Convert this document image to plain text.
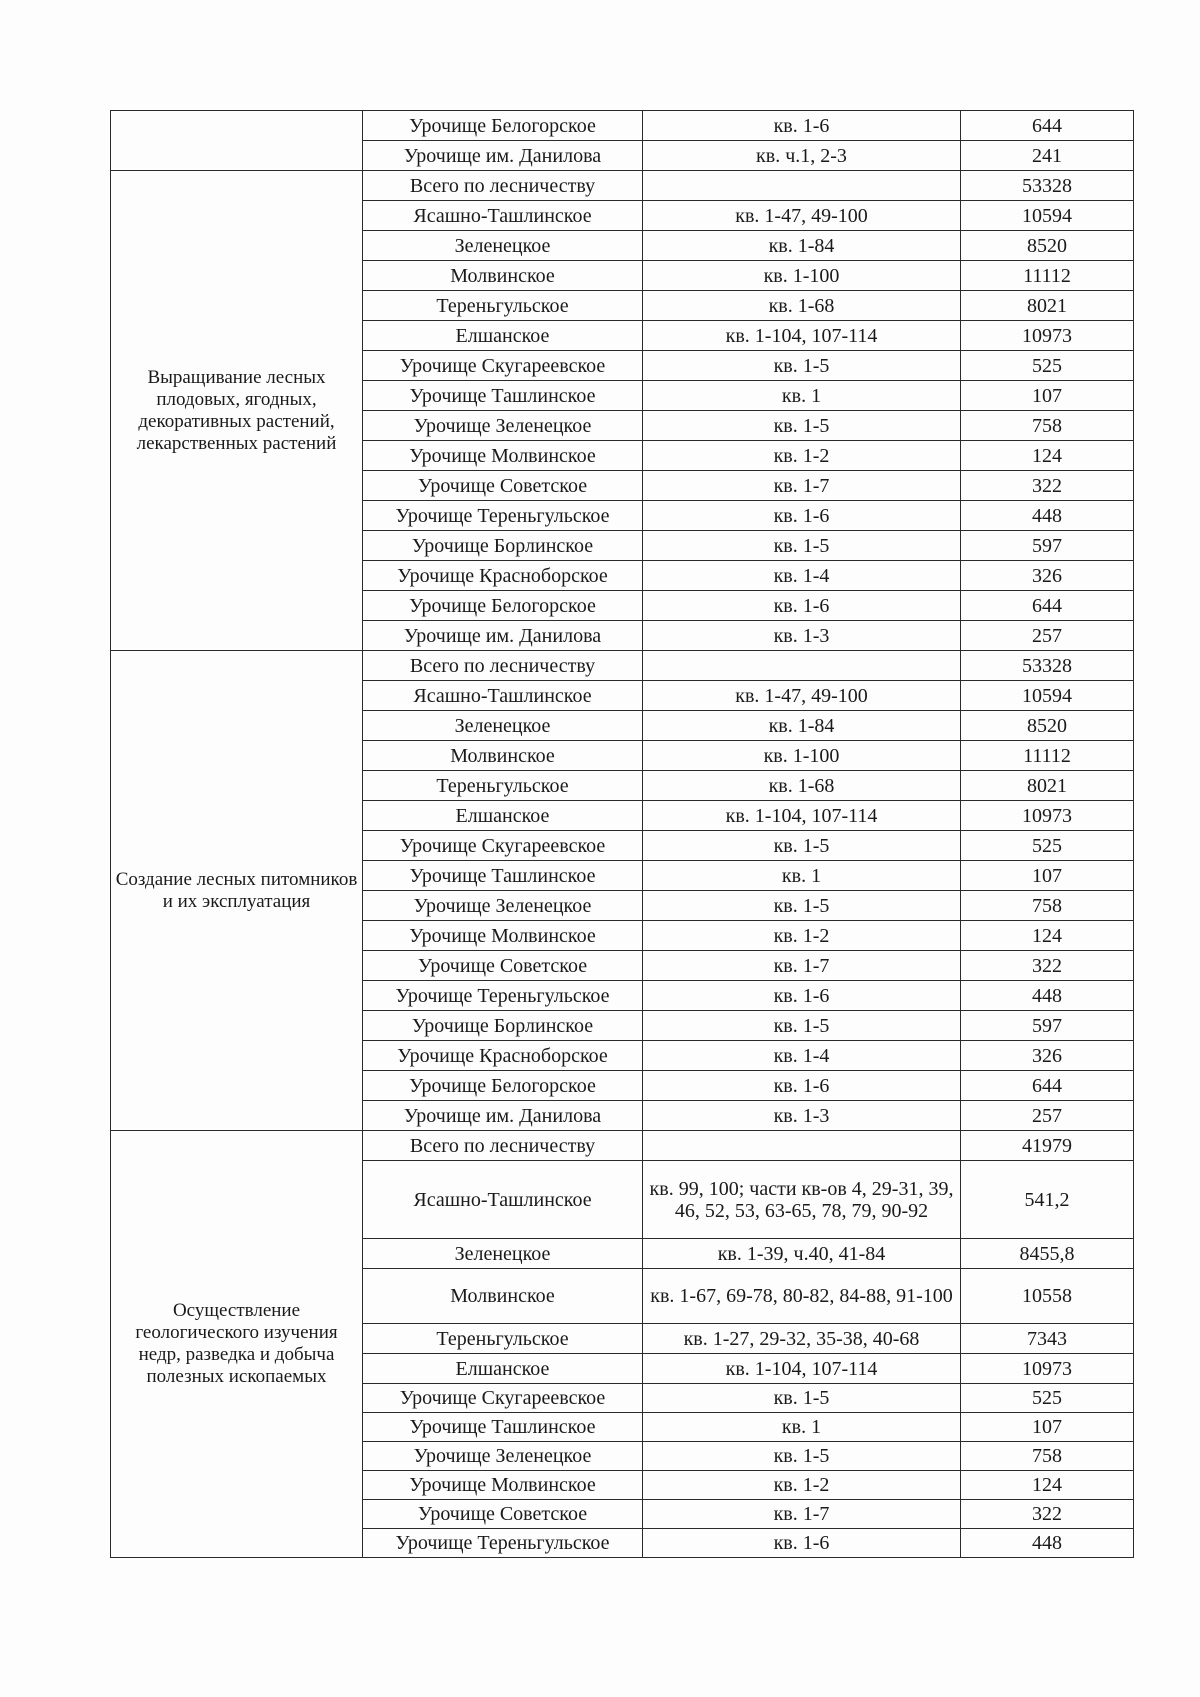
	Урочище Белогорское	кв. 1-6	644
	Урочище им. Данилова	кв. ч.1, 2-3	241
Выращивание лесных плодовых, ягодных, декоративных растений, лекарственных растений	Всего по лесничеству		53328
	Ясашно-Ташлинское	кв. 1-47, 49-100	10594
	Зеленецкое	кв. 1-84	8520
	Молвинское	кв. 1-100	11112
	Тереньгульское	кв. 1-68	8021
	Елшанское	кв. 1-104, 107-114	10973
	Урочище Скугареевское	кв. 1-5	525
	Урочище Ташлинское	кв. 1	107
	Урочище Зеленецкое	кв. 1-5	758
	Урочище Молвинское	кв. 1-2	124
	Урочище Советское	кв. 1-7	322
	Урочище Тереньгульское	кв. 1-6	448
	Урочище Борлинское	кв. 1-5	597
	Урочище Красноборское	кв. 1-4	326
	Урочище Белогорское	кв. 1-6	644
	Урочище им. Данилова	кв. 1-3	257
Создание лесных питомников и их эксплуатация	Всего по лесничеству		53328
	Ясашно-Ташлинское	кв. 1-47, 49-100	10594
	Зеленецкое	кв. 1-84	8520
	Молвинское	кв. 1-100	11112
	Тереньгульское	кв. 1-68	8021
	Елшанское	кв. 1-104, 107-114	10973
	Урочище Скугареевское	кв. 1-5	525
	Урочище Ташлинское	кв. 1	107
	Урочище Зеленецкое	кв. 1-5	758
	Урочище Молвинское	кв. 1-2	124
	Урочище Советское	кв. 1-7	322
	Урочище Тереньгульское	кв. 1-6	448
	Урочище Борлинское	кв. 1-5	597
	Урочище Красноборское	кв. 1-4	326
	Урочище Белогорское	кв. 1-6	644
	Урочище им. Данилова	кв. 1-3	257
Осуществление геологического изучения недр, разведка и добыча полезных ископаемых	Всего по лесничеству		41979
	Ясашно-Ташлинское	кв. 99, 100; части кв-ов 4, 29-31, 39, 46, 52, 53, 63-65, 78, 79, 90-92	541,2
	Зеленецкое	кв. 1-39, ч.40, 41-84	8455,8
	Молвинское	кв. 1-67, 69-78, 80-82, 84-88, 91-100	10558
	Тереньгульское	кв. 1-27, 29-32, 35-38, 40-68	7343
	Елшанское	кв. 1-104, 107-114	10973
	Урочище Скугареевское	кв. 1-5	525
	Урочище Ташлинское	кв. 1	107
	Урочище Зеленецкое	кв. 1-5	758
	Урочище Молвинское	кв. 1-2	124
	Урочище Советское	кв. 1-7	322
	Урочище Тереньгульское	кв. 1-6	448
